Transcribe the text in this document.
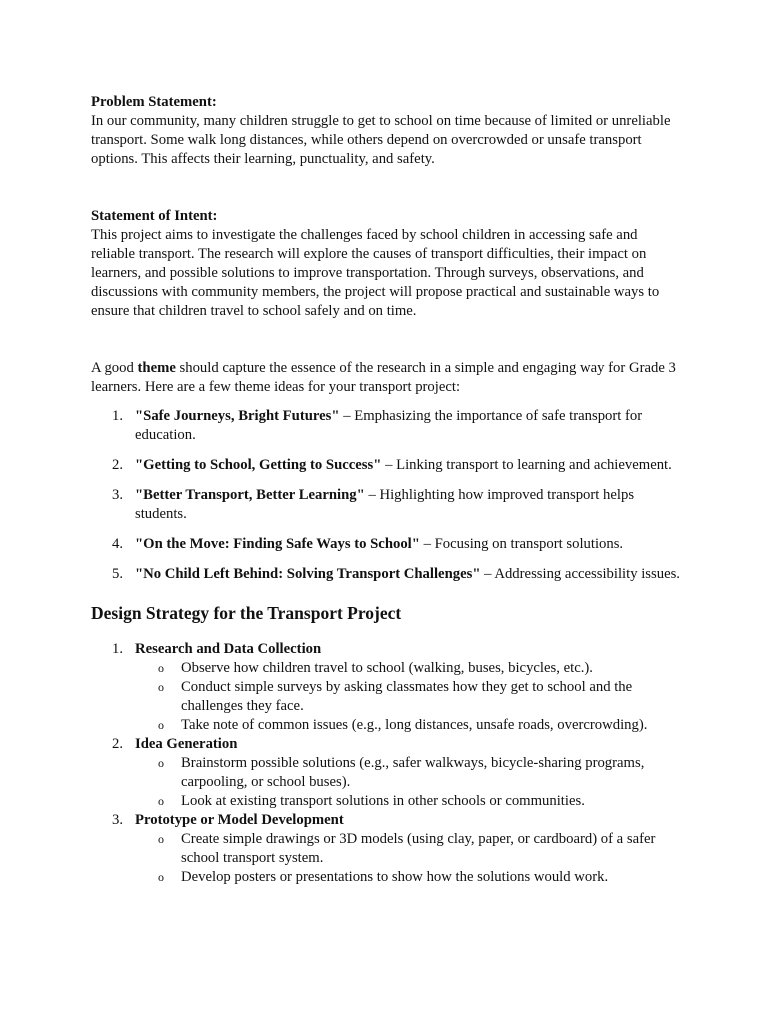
Problem Statement:

In our community, many children struggle to get to school on time because of limited or unreliable transport. Some walk long distances, while others depend on overcrowded or unsafe transport options. This affects their learning, punctuality, and safety.

Statement of Intent:

This project aims to investigate the challenges faced by school children in accessing safe and reliable transport. The research will explore the causes of transport difficulties, their impact on learners, and possible solutions to improve transportation. Through surveys, observations, and discussions with community members, the project will propose practical and sustainable ways to ensure that children travel to school safely and on time.

A good theme should capture the essence of the research in a simple and engaging way for Grade 3 learners. Here are a few theme ideas for your transport project:

1. "Safe Journeys, Bright Futures" – Emphasizing the importance of safe transport for education.
2. "Getting to School, Getting to Success" – Linking transport to learning and achievement.
3. "Better Transport, Better Learning" – Highlighting how improved transport helps students.
4. "On the Move: Finding Safe Ways to School" – Focusing on transport solutions.
5. "No Child Left Behind: Solving Transport Challenges" – Addressing accessibility issues.
Design Strategy for the Transport Project
1. Research and Data Collection
o Observe how children travel to school (walking, buses, bicycles, etc.).
o Conduct simple surveys by asking classmates how they get to school and the challenges they face.
o Take note of common issues (e.g., long distances, unsafe roads, overcrowding).
2. Idea Generation
o Brainstorm possible solutions (e.g., safer walkways, bicycle-sharing programs, carpooling, or school buses).
o Look at existing transport solutions in other schools or communities.
3. Prototype or Model Development
o Create simple drawings or 3D models (using clay, paper, or cardboard) of a safer school transport system.
o Develop posters or presentations to show how the solutions would work.
